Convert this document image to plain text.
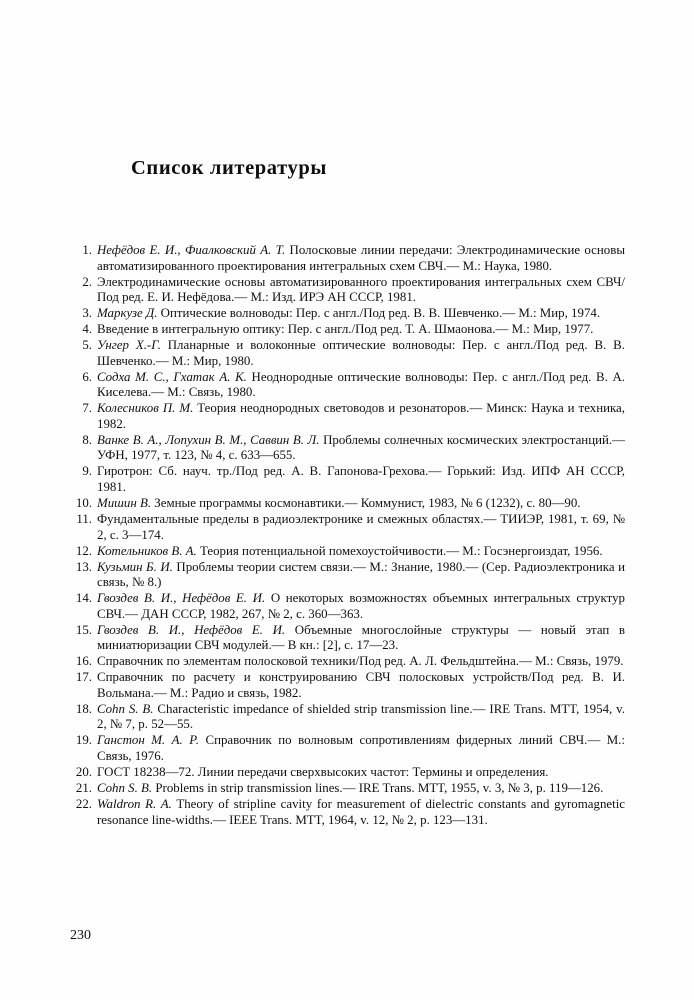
Список литературы
1. Нефёдов Е. И., Фиалковский А. Т. Полосковые линии передачи: Электродинамические основы автоматизированного проектирования интегральных схем СВЧ.— М.: Наука, 1980.
2. Электродинамические основы автоматизированного проектирования интегральных схем СВЧ/Под ред. Е. И. Нефёдова.— М.: Изд. ИРЭ АН СССР, 1981.
3. Маркузе Д. Оптические волноводы: Пер. с англ./Под ред. В. В. Шевченко.— М.: Мир, 1974.
4. Введение в интегральную оптику: Пер. с англ./Под ред. Т. А. Шмаонова.— М.: Мир, 1977.
5. Унгер Х.-Г. Планарные и волоконные оптические волноводы: Пер. с англ./Под ред. В. В. Шевченко.— М.: Мир, 1980.
6. Содха М. С., Гхатак А. К. Неоднородные оптические волноводы: Пер. с англ./Под ред. В. А. Киселева.— М.: Связь, 1980.
7. Колесников П. М. Теория неоднородных световодов и резонаторов.— Минск: Наука и техника, 1982.
8. Ванке В. А., Лопухин В. М., Саввин В. Л. Проблемы солнечных космических электростанций.— УФН, 1977, т. 123, № 4, с. 633—655.
9. Гиротрон: Сб. науч. тр./Под ред. А. В. Гапонова-Грехова.— Горький: Изд. ИПФ АН СССР, 1981.
10. Мишин В. Земные программы космонавтики.— Коммунист, 1983, № 6 (1232), с. 80—90.
11. Фундаментальные пределы в радиоэлектронике и смежных областях.— ТИИЭР, 1981, т. 69, № 2, с. 3—174.
12. Котельников В. А. Теория потенциальной помехоустойчивости.— М.: Госэнергоиздат, 1956.
13. Кузьмин Б. И. Проблемы теории систем связи.— М.: Знание, 1980.— (Сер. Радиоэлектроника и связь, № 8.)
14. Гвоздев В. И., Нефёдов Е. И. О некоторых возможностях объемных интегральных структур СВЧ.— ДАН СССР, 1982, 267, № 2, с. 360—363.
15. Гвоздев В. И., Нефёдов Е. И. Объемные многослойные структуры — новый этап в миниатюризации СВЧ модулей.— В кн.: [2], с. 17—23.
16. Справочник по элементам полосковой техники/Под ред. А. Л. Фельдштейна.— М.: Связь, 1979.
17. Справочник по расчету и конструированию СВЧ полосковых устройств/Под ред. В. И. Вольмана.— М.: Радио и связь, 1982.
18. Cohn S. B. Characteristic impedance of shielded strip transmission line.— IRE Trans. MTT, 1954, v. 2, № 7, p. 52—55.
19. Ганстон М. А. Р. Справочник по волновым сопротивлениям фидерных линий СВЧ.— М.: Связь, 1976.
20. ГОСТ 18238—72. Линии передачи сверхвысоких частот: Термины и определения.
21. Cohn S. B. Problems in strip transmission lines.— IRE Trans. MTT, 1955, v. 3, № 3, p. 119—126.
22. Waldron R. A. Theory of stripline cavity for measurement of dielectric constants and gyromagnetic resonance line-widths.— IEEE Trans. MTT, 1964, v. 12, № 2, p. 123—131.
230
